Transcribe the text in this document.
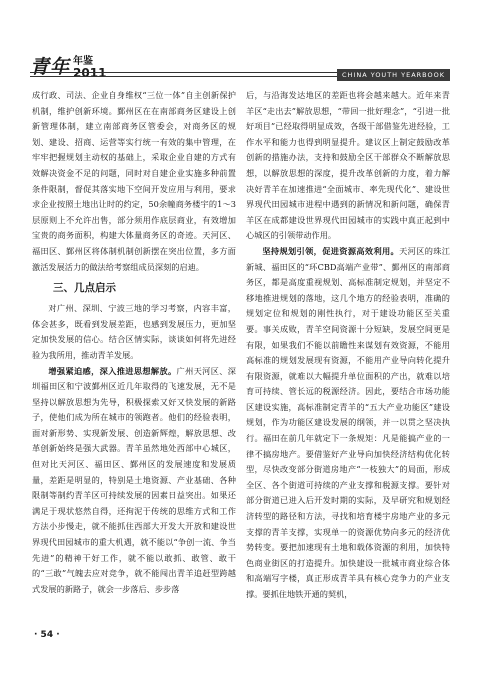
青年 年鉴
2011	CHINA YOUTH YEARBOOK

成行政、司法、企业自身维权“三位一体”自主创新保护机制，维护创新环境。鄞州区在在南部商务区建设上创新管理体制，建立南部商务区管委会，对商务区的规划、建设、招商、运营等实行统一有效的集中管理，在牢牢把握规划主动权的基础上，采取企业自建的方式有效解决资金不足的问题，同时对自建企业实施多种前置条件限制，督促其落实地下空间开发应用与利用，要求求企业按照土地出让时的约定，50余幢商务楼宇的1～3层原则上不允许出售，部分须用作底层商业，有效增加宝贵的商务面积，构建大体量商务区的奇迹。天河区、福田区、鄞州区将体制机制创新摆在突出位置，多方面激活发展活力的做法给考察组成员深刻的启迪。

三、几点启示

对广州、深圳、宁波三地的学习考察，内容丰富，体会甚多，既看到发展差距，也感到发展压力，更加坚定加快发展的信心。结合区情实际，谈谈如何将先进经验为我所用，推动青羊发展。

增强紧迫感，深入推进思想解放。广州天河区、深圳福田区和宁波鄞州区近几年取得的飞速发展，无不是坚持以解放思想为先导，积极探索又好又快发展的新路子，使他们成为所在城市的领跑者。他们的经验表明，面对新形势、实现新发展、创造新辉煌，解放思想、改革创新始终是强大武器。青羊虽然地处西部中心城区，但对比天河区、福田区、鄞州区的发展速度和发展质量，差距是明显的，特别是土地资源、产业基础、各种限制等制约青羊区可持续发展的因素日益突出。如果还满足于现状悠然自得，还拘泥于传统的思维方式和工作方法小步慢走，就不能抓住西部大开发大开放和建设世界现代田园城市的重大机遇，就不能以“争创一流、争当先进”的精神干好工作，就不能以敢抓、敢管、敢干的“三敢”气魄去应对竞争，就不能闯出青羊追赶型跨越式发展的新路子，就会一步落后、步步落

后，与沿海发达地区的差距也将会越来越大。近年来青羊区“走出去”解放思想，“带回一批好理念”，“引进一批好项目”已经取得明显成效，各级干部借鉴先进经验，工作水平和能力也得到明显提升。建议区上制定鼓励改革创新的措施办法，支持和鼓励全区干部群众不断解放思想，以解放思想的深度，提升改革创新的力度，着力解决好青羊在加速推进“全面城市、率先现代化”、建设世界现代田园城市进程中遇到的新情况和新问题，确保青羊区在成都建设世界现代田园城市的实践中真正起到中心城区的引领带动作用。

坚持规划引领，促进资源高效利用。天河区的珠江新城、福田区的“环CBD高端产业带”、鄞州区的南部商务区，都是高度重视规划、高标准制定规划，并坚定不移地推进规划的落地，这几个地方的经验表明，准确的规划定位和规划的刚性执行，对于建设功能区至关重要。事关成败，青羊空间资源十分短缺，发展空间更是有限，如果我们不能以前瞻性来谋划有效资源，不能用高标准的规划发展现有资源，不能用产业导向转化提升有限资源，就难以大幅提升单位面积的产出，就难以培育可持续、管长远的税源经济。因此，要结合市场功能区建设实施，高标准制定青羊的“五大产业功能区”建设规划，作为功能区建设发展的纲领，并一以贯之坚决执行。福田在前几年就定下一条规矩：凡是能搞产业的一律不搞房地产。要借鉴好产业导向加快经济结构优化转型，尽快改变部分街道房地产“一枝独大”的局面，形成全区、各个街道可持续的产业支撑和税源支撑。要针对部分街道已进入后开发时期的实际，及早研究和规划经济转型的路径和方法，寻找和培育楼宇房地产业的多元支撑的青羊支撑，实现单一的资源优势向多元的经济优势转变。要把加速现有土地和载体资源的利用，加快特色商业街区的打造提升。加快建设一批城市商业综合体和高端写字楼，真正形成青羊具有核心竞争力的产业支撑。要抓住地铁开通的契机，

· 54 ·
